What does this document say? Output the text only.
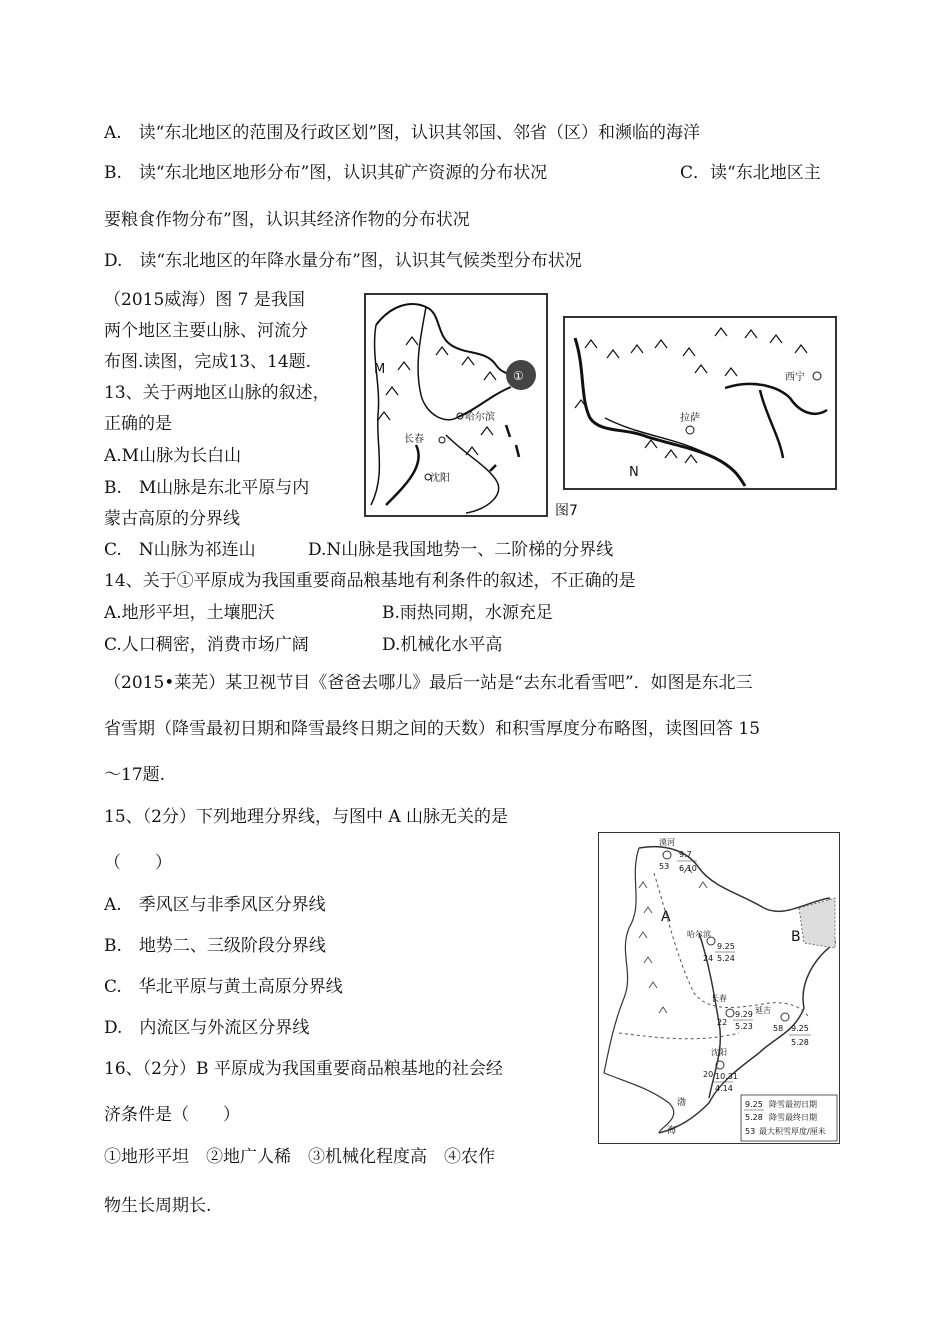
A.　读“东北地区的范围及行政区划”图，认识其邻国、邻省（区）和濒临的海洋
B.　读“东北地区地形分布”图，认识其矿产资源的分布状况	C．读“东北地区主
要粮食作物分布”图，认识其经济作物的分布状况
D.　读“东北地区的年降水量分布”图，认识其气候类型分布状况
（2015威海）图 7 是我国
两个地区主要山脉、河流分
布图.读图，完成13、14题.
13、关于两地区山脉的叙述，
正确的是
A.M山脉为长白山
B.　M山脉是东北平原与内
蒙古高原的分界线
C.　N山脉为祁连山	D.N山脉是我国地势一、二阶梯的分界线
M	①
哈尔滨
长春
沈阳
西宁
拉萨
N
图7
14、关于①平原成为我国重要商品粮基地有利条件的叙述，不正确的是
A.地形平坦，土壤肥沃	B.雨热同期，水源充足
C.人口稠密，消费市场广阔	D.机械化水平高
（2015•莱芜）某卫视节目《爸爸去哪儿》最后一站是“去东北看雪吧”．如图是东北三
省雪期（降雪最初日期和降雪最终日期之间的天数）和积雪厚度分布略图，读图回答 15
～17题.
15、（2分）下列地理分界线，与图中 A 山脉无关的是
（　　）
A.　季风区与非季风区分界线
B.　地势二、三级阶段分界线
C.　华北平原与黄土高原分界线
D.　内流区与外流区分界线
16、（2分）B 平原成为我国重要商品粮基地的社会经
济条件是（　　）
①地形平坦　②地广人稀　③机械化程度高　④农作
物生长周期长.
A
B
漠河
53
9.7
6.10
哈尔滨
9.25
5.24
24
长春
22
9.29
5.23
延吉
58 9.25
5.28
沈阳
20 10.31
4.14
渤
海
9.25 降雪最初日期
5.28 降雪最终日期
53 最大积雪厚度/厘米
